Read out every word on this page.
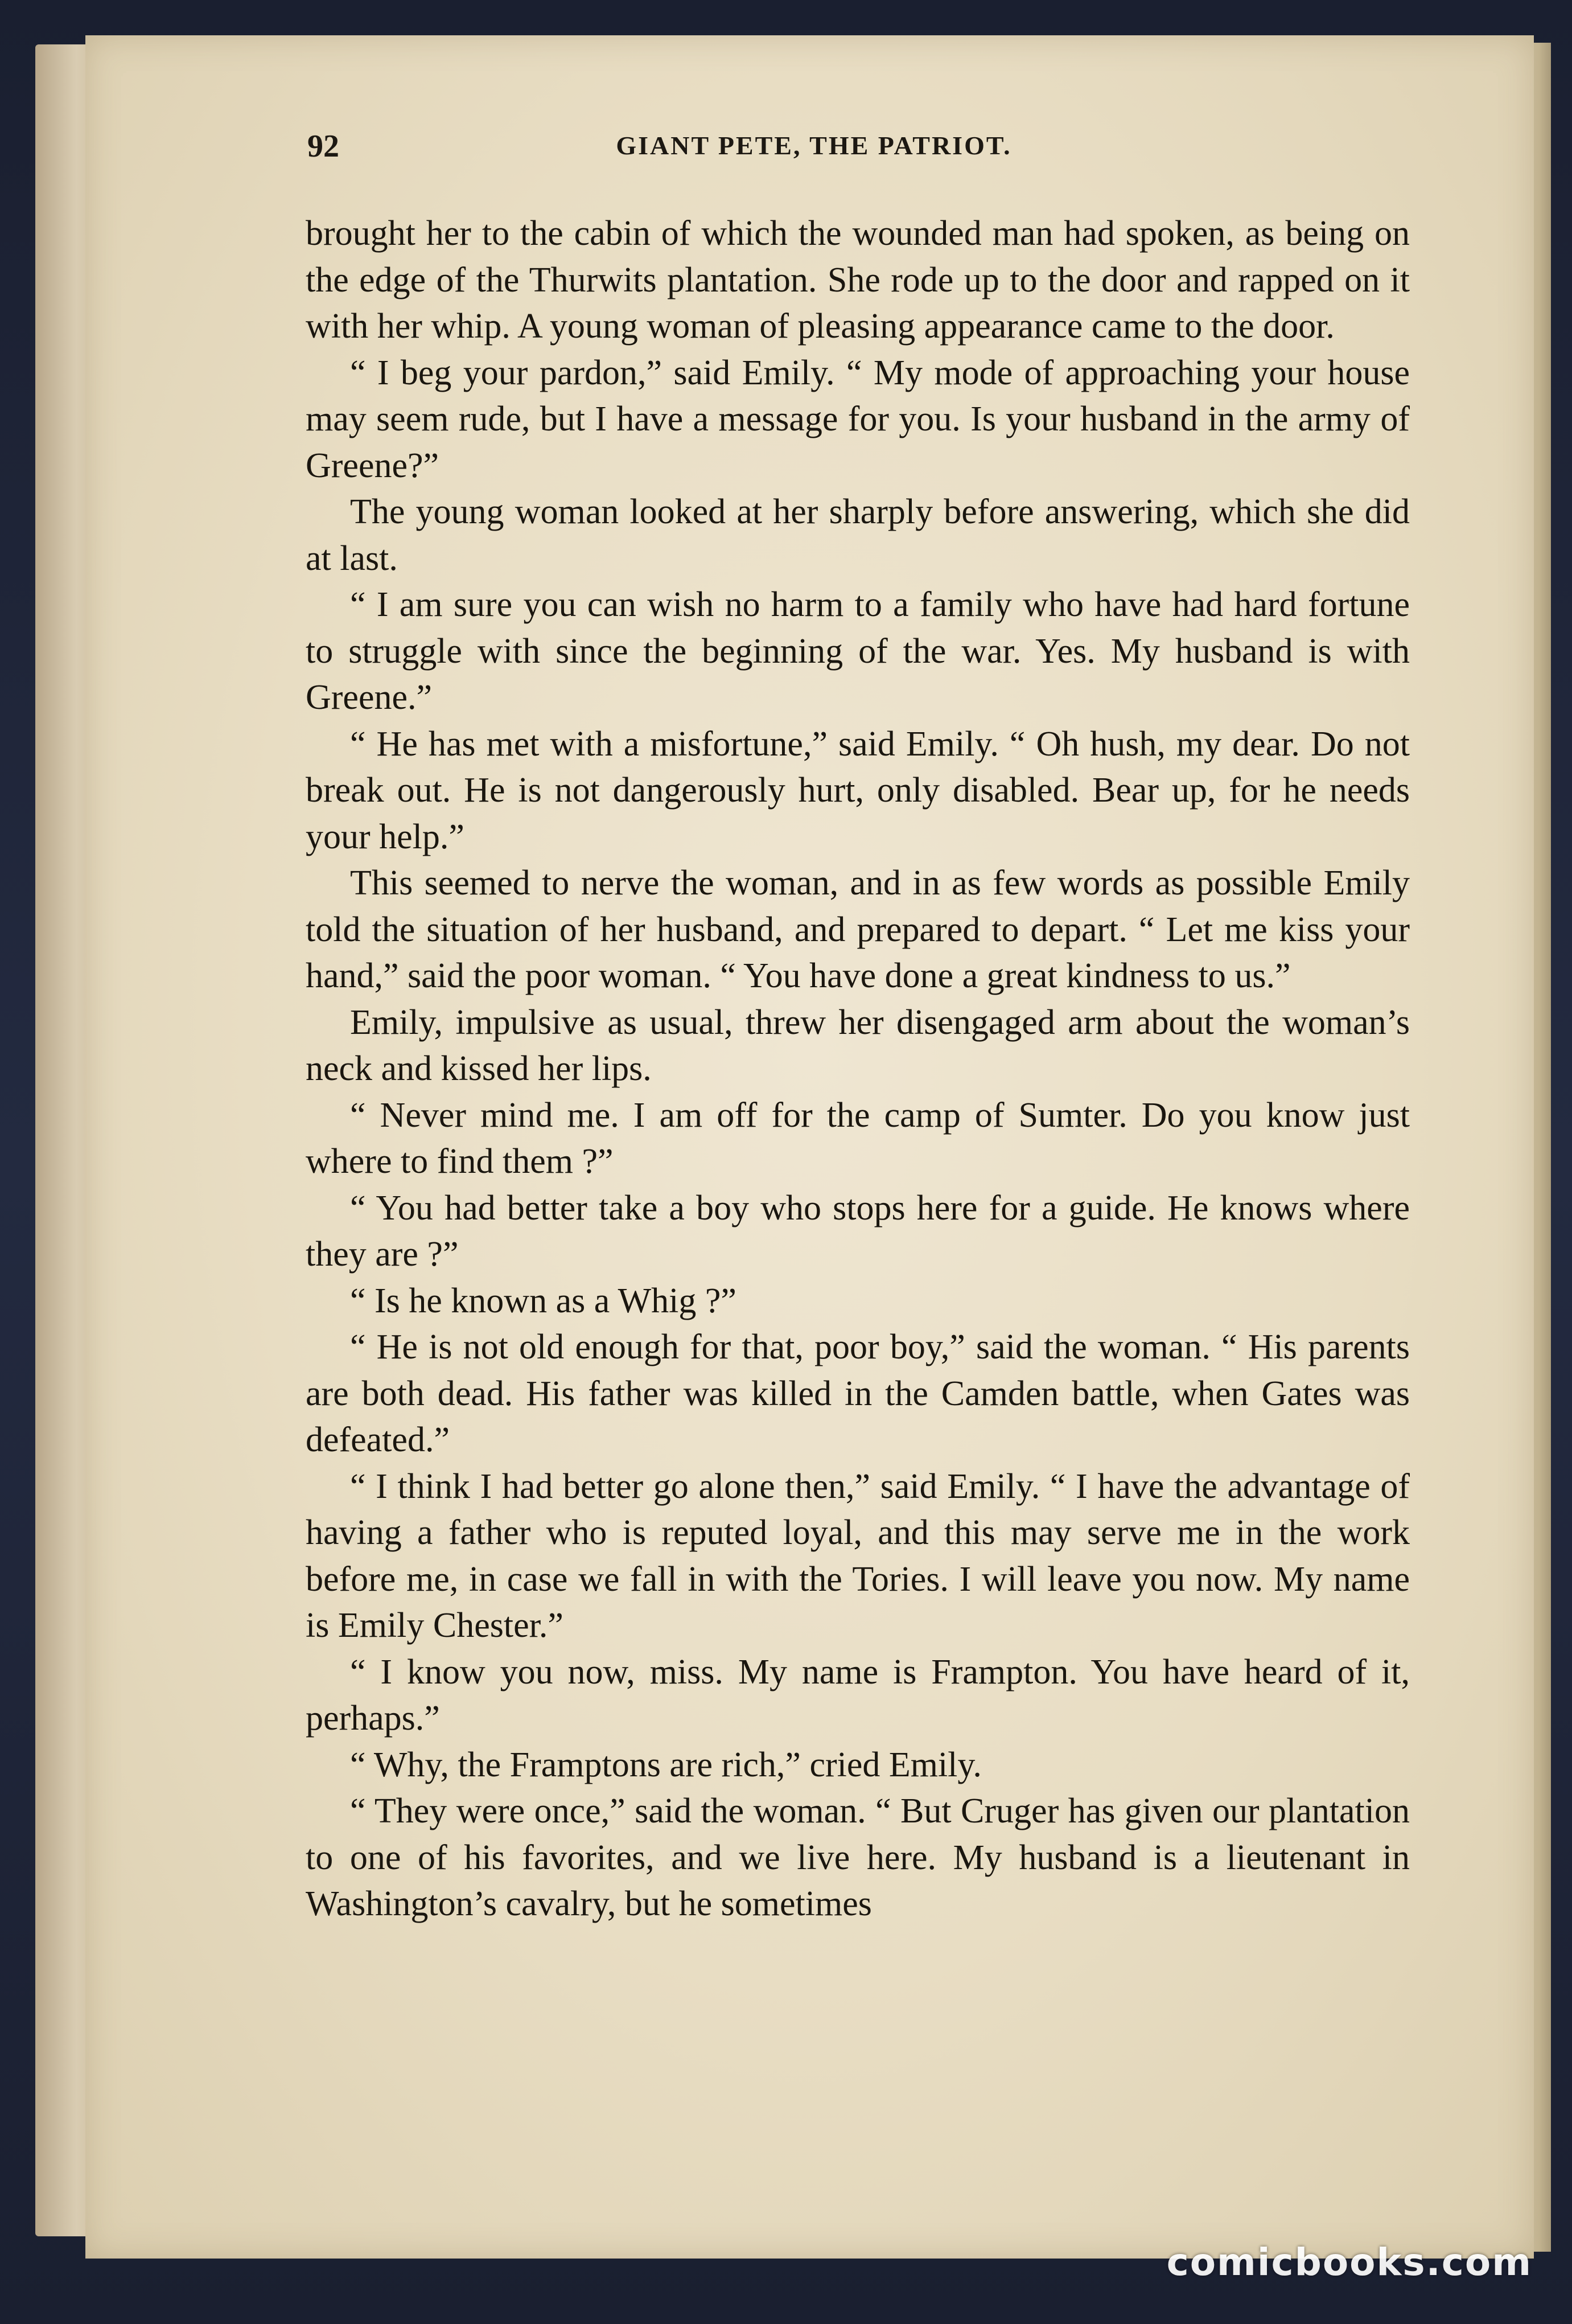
92	GIANT PETE, THE PATRIOT.

brought her to the cabin of which the wounded man had spoken, as being on the edge of the Thurwits plantation. She rode up to the door and rapped on it with her whip. A young woman of pleasing appearance came to the door.

“ I beg your pardon,” said Emily. “ My mode of approaching your house may seem rude, but I have a message for you. Is your husband in the army of Greene?”

The young woman looked at her sharply before answering, which she did at last.

“ I am sure you can wish no harm to a family who have had hard fortune to struggle with since the beginning of the war. Yes. My husband is with Greene.”

“ He has met with a misfortune,” said Emily. “ Oh hush, my dear. Do not break out. He is not dangerously hurt, only disabled. Bear up, for he needs your help.”

This seemed to nerve the woman, and in as few words as possible Emily told the situation of her husband, and prepared to depart. “ Let me kiss your hand,” said the poor woman. “ You have done a great kindness to us.”

Emily, impulsive as usual, threw her disengaged arm about the woman’s neck and kissed her lips.

“ Never mind me. I am off for the camp of Sumter. Do you know just where to find them ?”

“ You had better take a boy who stops here for a guide. He knows where they are ?”

“ Is he known as a Whig ?”

“ He is not old enough for that, poor boy,” said the woman. “ His parents are both dead. His father was killed in the Camden battle, when Gates was defeated.”

“ I think I had better go alone then,” said Emily. “ I have the advantage of having a father who is reputed loyal, and this may serve me in the work before me, in case we fall in with the Tories. I will leave you now. My name is Emily Chester.”

“ I know you now, miss. My name is Frampton. You have heard of it, perhaps.”

“ Why, the Framptons are rich,” cried Emily.

“ They were once,” said the woman. “ But Cruger has given our plantation to one of his favorites, and we live here. My husband is a lieutenant in Washington’s cavalry, but he sometimes

comicbooks.com
